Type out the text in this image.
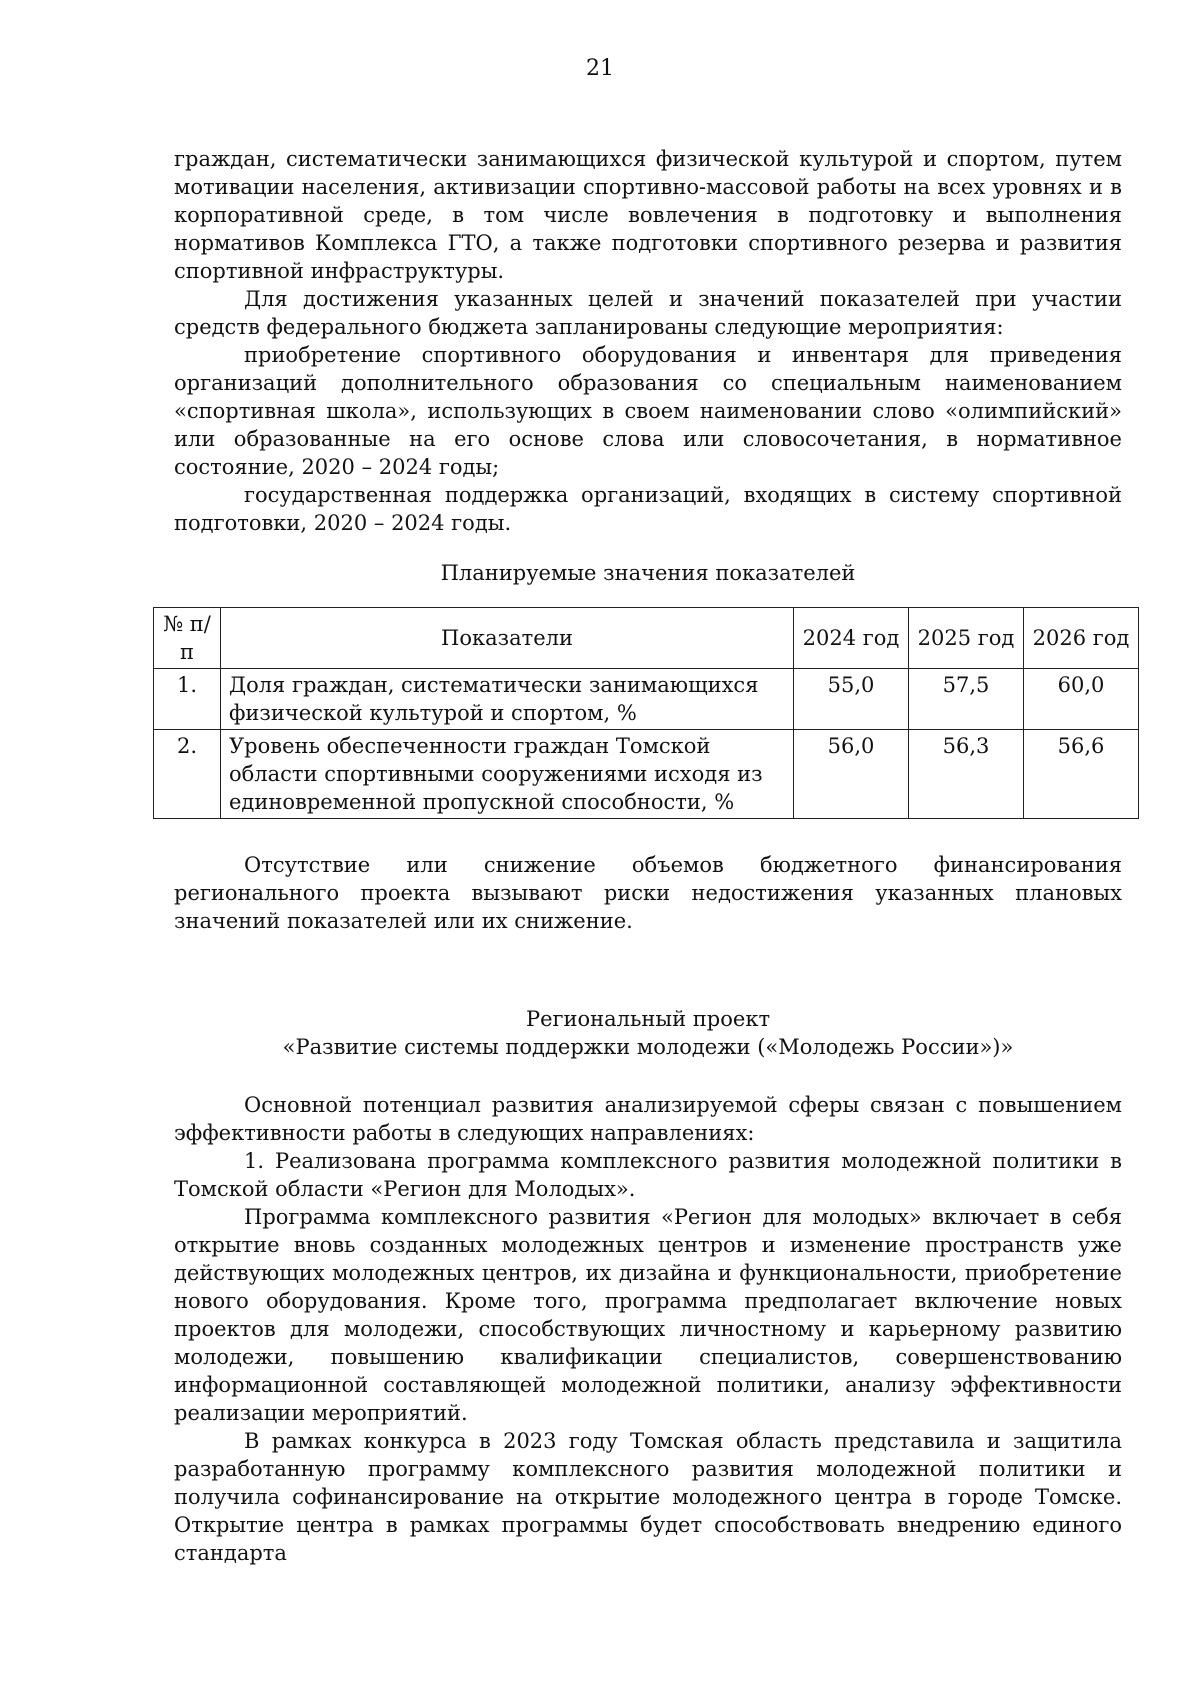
21

граждан, систематически занимающихся физической культурой и спортом, путем мотивации населения, активизации спортивно-массовой работы на всех уровнях и в корпоративной среде, в том числе вовлечения в подготовку и выполнения нормативов Комплекса ГТО, а также подготовки спортивного резерва и развития спортивной инфраструктуры.

Для достижения указанных целей и значений показателей при участии средств федерального бюджета запланированы следующие мероприятия:

приобретение спортивного оборудования и инвентаря для приведения организаций дополнительного образования со специальным наименованием «спортивная школа», использующих в своем наименовании слово «олимпийский» или образованные на его основе слова или словосочетания, в нормативное состояние, 2020 – 2024 годы;

государственная поддержка организаций, входящих в систему спортивной подготовки, 2020 – 2024 годы.

Планируемые значения показателей

№ п/п	Показатели	2024 год	2025 год	2026 год
1.	Доля граждан, систематически занимающихся физической культурой и спортом, %	55,0	57,5	60,0
2.	Уровень обеспеченности граждан Томской области спортивными сооружениями исходя из единовременной пропускной способности, %	56,0	56,3	56,6

Отсутствие или снижение объемов бюджетного финансирования регионального проекта вызывают риски недостижения указанных плановых значений показателей или их снижение.

Региональный проект

«Развитие системы поддержки молодежи («Молодежь России»)»

Основной потенциал развития анализируемой сферы связан с повышением эффективности работы в следующих направлениях:

1. Реализована программа комплексного развития молодежной политики в Томской области «Регион для Молодых».

Программа комплексного развития «Регион для молодых» включает в себя открытие вновь созданных молодежных центров и изменение пространств уже действующих молодежных центров, их дизайна и функциональности, приобретение нового оборудования. Кроме того, программа предполагает включение новых проектов для молодежи, способствующих личностному и карьерному развитию молодежи, повышению квалификации специалистов, совершенствованию информационной составляющей молодежной политики, анализу эффективности реализации мероприятий.

В рамках конкурса в 2023 году Томская область представила и защитила разработанную программу комплексного развития молодежной политики и получила софинансирование на открытие молодежного центра в городе Томске. Открытие центра в рамках программы будет способствовать внедрению единого стандарта
